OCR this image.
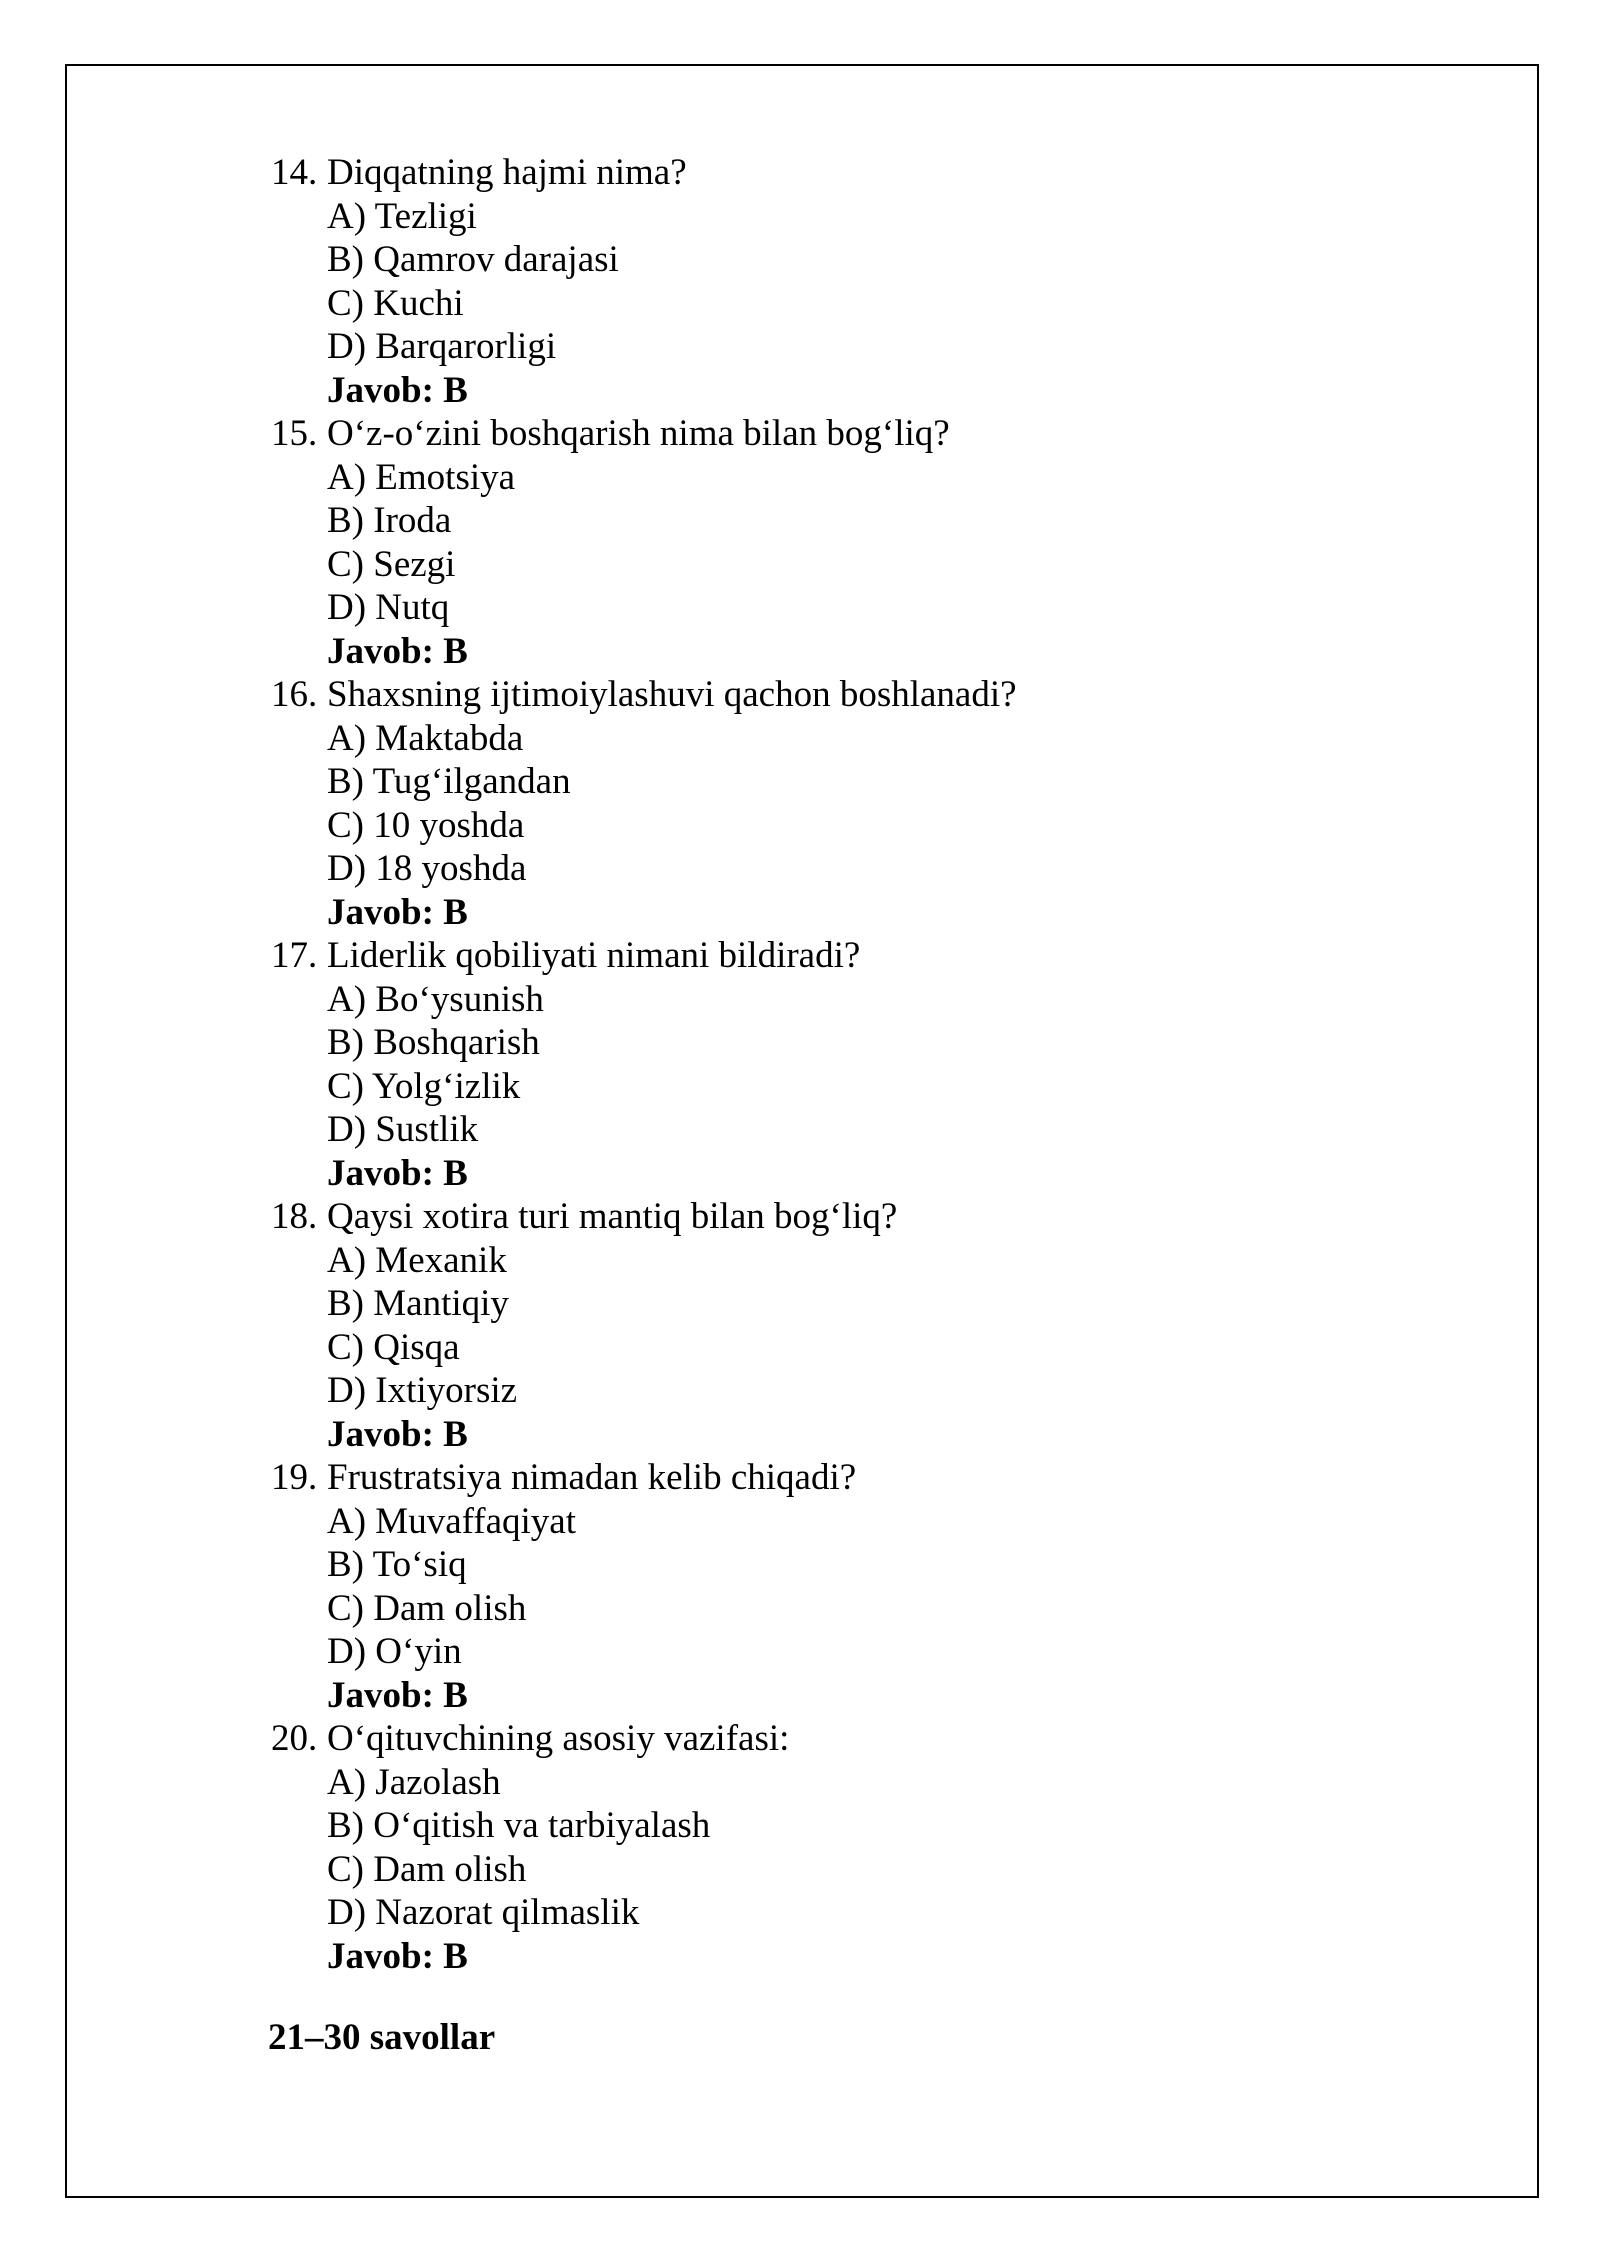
14. Diqqatning hajmi nima?
A) Tezligi
B) Qamrov darajasi
C) Kuchi
D) Barqarorligi
Javob: B
15. O‘z-o‘zini boshqarish nima bilan bog‘liq?
A) Emotsiya
B) Iroda
C) Sezgi
D) Nutq
Javob: B
16. Shaxsning ijtimoiylashuvi qachon boshlanadi?
A) Maktabda
B) Tug‘ilgandan
C) 10 yoshda
D) 18 yoshda
Javob: B
17. Liderlik qobiliyati nimani bildiradi?
A) Bo‘ysunish
B) Boshqarish
C) Yolg‘izlik
D) Sustlik
Javob: B
18. Qaysi xotira turi mantiq bilan bog‘liq?
A) Mexanik
B) Mantiqiy
C) Qisqa
D) Ixtiyorsiz
Javob: B
19. Frustratsiya nimadan kelib chiqadi?
A) Muvaffaqiyat
B) To‘siq
C) Dam olish
D) O‘yin
Javob: B
20. O‘qituvchining asosiy vazifasi:
A) Jazolash
B) O‘qitish va tarbiyalash
C) Dam olish
D) Nazorat qilmaslik
Javob: B
21–30 savollar
